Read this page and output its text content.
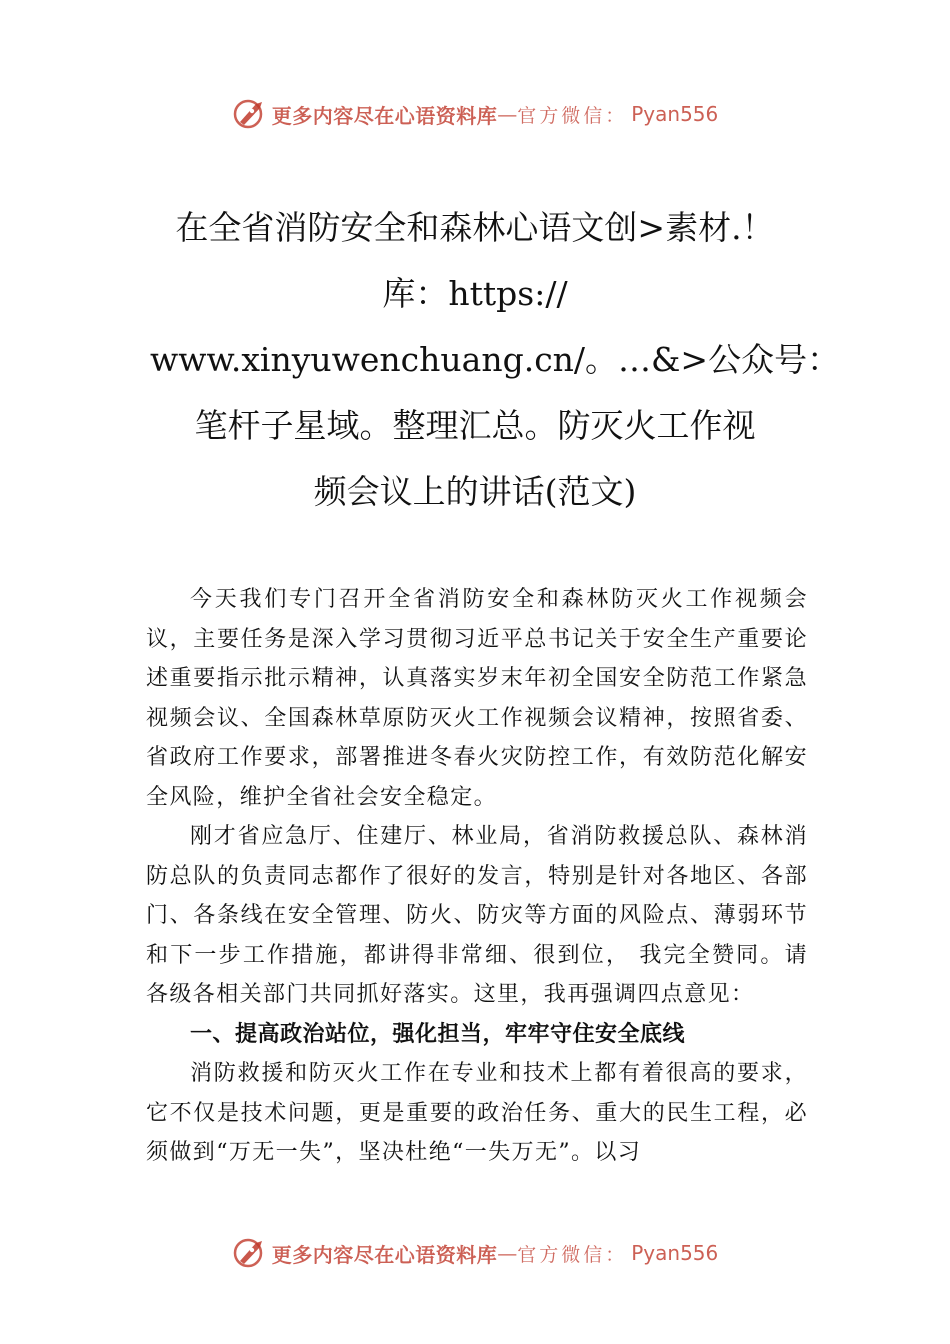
更多内容尽在心语资料库 — 官方微信： Pyan556
在全省消防安全和森林心语文创>素材.！
库：https://
www.xinyuwenchuang.cn/。…&>公众号：
笔杆子星域。整理汇总。防灭火工作视
频会议上的讲话(范文)

今天我们专门召开全省消防安全和森林防灭火工作视频会议，主要任务是深入学习贯彻习近平总书记关于安全生产重要论述重要指示批示精神，认真落实岁末年初全国安全防范工作紧急视频会议、全国森林草原防灭火工作视频会议精神，按照省委、省政府工作要求，部署推进冬春火灾防控工作，有效防范化解安全风险，维护全省社会安全稳定。

刚才省应急厅、住建厅、林业局，省消防救援总队、森林消防总队的负责同志都作了很好的发言，特别是针对各地区、各部门、各条线在安全管理、防火、防灾等方面的风险点、薄弱环节和下一步工作措施，都讲得非常细、很到位， 我完全赞同。请各级各相关部门共同抓好落实。这里，我再强调四点意见：

一、提高政治站位，强化担当，牢牢守住安全底线

消防救援和防灭火工作在专业和技术上都有着很高的要求，它不仅是技术问题，更是重要的政治任务、重大的民生工程，必须做到“万无一失”，坚决杜绝“一失万无”。以习

更多内容尽在心语资料库 — 官方微信： Pyan556
